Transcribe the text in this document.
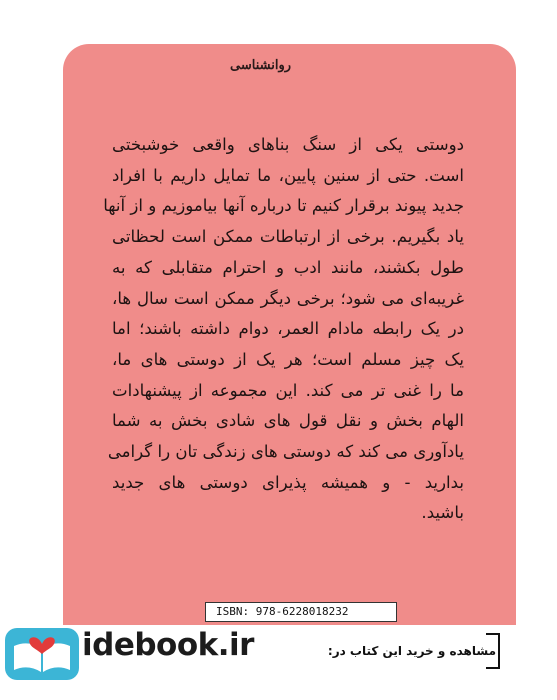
روانشناسی
دوستی یکی از سنگ بناهای واقعی خوشبختی
است. حتی از سنین پایین، ما تمایل داریم با افراد
جدید پیوند برقرار کنیم تا درباره آنها بیاموزیم و از آنها
یاد بگیریم. برخی از ارتباطات ممکن است لحظاتی
طول بکشند، مانند ادب و احترام متقابلی که به
غریبه‌ای می شود؛ برخی دیگر ممکن است سال ها،
در یک رابطه مادام العمر، دوام داشته باشند؛ اما
یک چیز مسلم است؛ هر یک از دوستی های ما،
ما را غنی تر می کند. این مجموعه از پیشنهادات
الهام بخش و نقل قول های شادی بخش به شما
یادآوری می کند که دوستی های زندگی تان را گرامی
بدارید - و همیشه پذیرای دوستی های جدید
باشید.
ISBN: 978-6228018232
idebook.ir	مشاهده و خرید این کتاب در:
